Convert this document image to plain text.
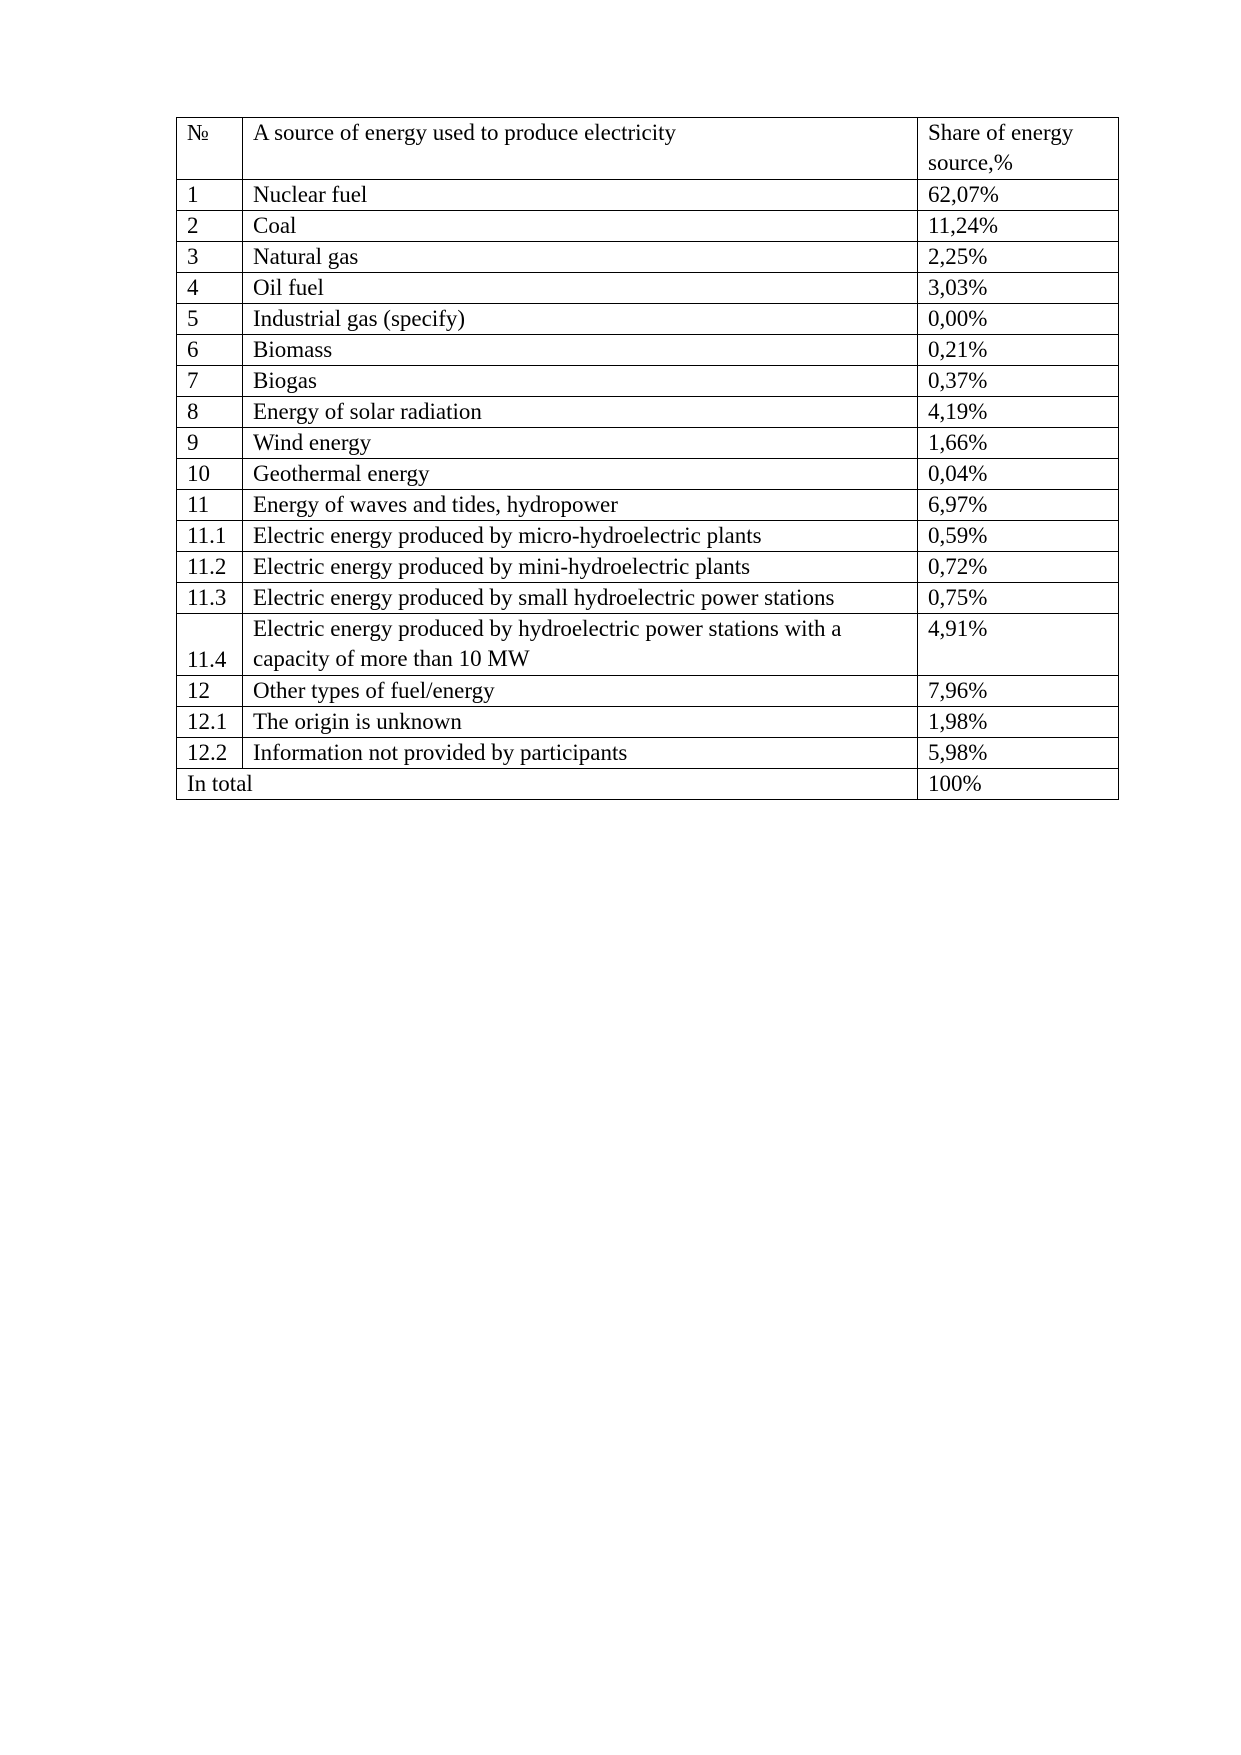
№	A source of energy used to produce electricity	Share of energy source,%
1	Nuclear fuel	62,07%
2	Coal	11,24%
3	Natural gas	2,25%
4	Oil fuel	3,03%
5	Industrial gas (specify)	0,00%
6	Biomass	0,21%
7	Biogas	0,37%
8	Energy of solar radiation	4,19%
9	Wind energy	1,66%
10	Geothermal energy	0,04%
11	Energy of waves and tides, hydropower	6,97%
11.1	Electric energy produced by micro-hydroelectric plants	0,59%
11.2	Electric energy produced by mini-hydroelectric plants	0,72%
11.3	Electric energy produced by small hydroelectric power stations	0,75%
11.4	Electric energy produced by hydroelectric power stations with a capacity of more than 10 MW	4,91%
12	Other types of fuel/energy	7,96%
12.1	The origin is unknown	1,98%
12.2	Information not provided by participants	5,98%
In total		100%
